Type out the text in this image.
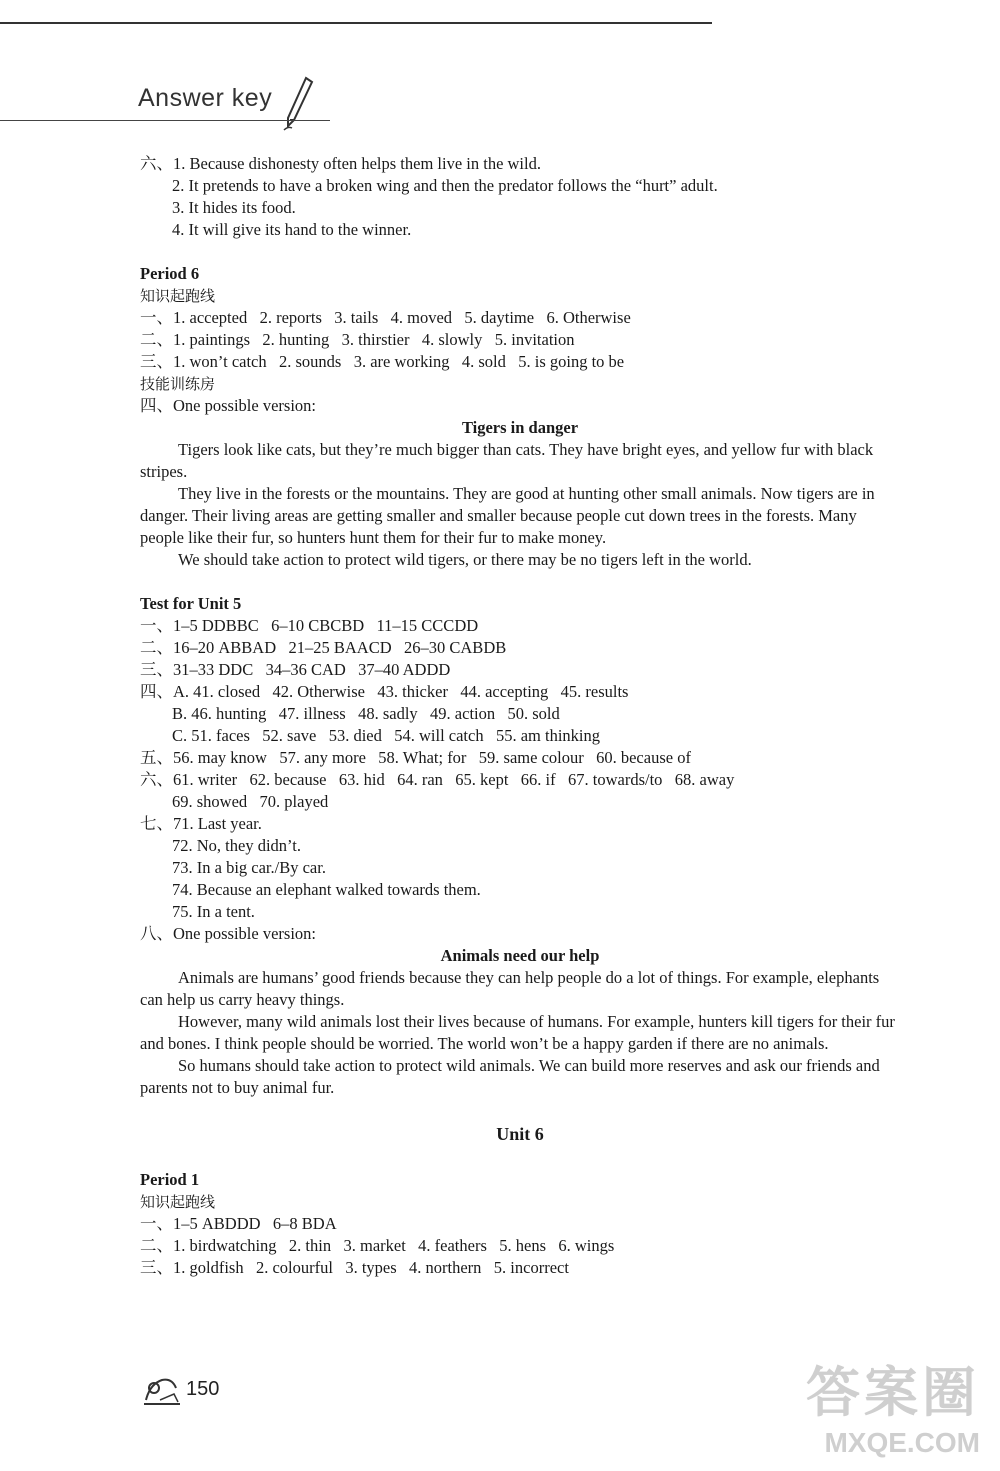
Answer key
六、1. Because dishonesty often helps them live in the wild.
2. It pretends to have a broken wing and then the predator follows the “hurt” adult.
3. It hides its food.
4. It will give its hand to the winner.
Period 6
知识起跑线
一、1. accepted   2. reports   3. tails   4. moved   5. daytime   6. Otherwise
二、1. paintings   2. hunting   3. thirstier   4. slowly   5. invitation
三、1. won’t catch   2. sounds   3. are working   4. sold   5. is going to be
技能训练房
四、One possible version:
Tigers in danger
Tigers look like cats, but they’re much bigger than cats. They have bright eyes, and yellow fur with black stripes.
They live in the forests or the mountains. They are good at hunting other small animals. Now tigers are in danger. Their living areas are getting smaller and smaller because people cut down trees in the forests. Many people like their fur, so hunters hunt them for their fur to make money.
We should take action to protect wild tigers, or there may be no tigers left in the world.
Test for Unit 5
一、1–5 DDBBC   6–10 CBCBD   11–15 CCCDD
二、16–20 ABBAD   21–25 BAACD   26–30 CABDB
三、31–33 DDC   34–36 CAD   37–40 ADDD
四、A. 41. closed   42. Otherwise   43. thicker   44. accepting   45. results
B. 46. hunting   47. illness   48. sadly   49. action   50. sold
C. 51. faces   52. save   53. died   54. will catch   55. am thinking
五、56. may know   57. any more   58. What; for   59. same colour   60. because of
六、61. writer   62. because   63. hid   64. ran   65. kept   66. if   67. towards/to   68. away
69. showed   70. played
七、71. Last year.
72. No, they didn’t.
73. In a big car./By car.
74. Because an elephant walked towards them.
75. In a tent.
八、One possible version:
Animals need our help
Animals are humans’ good friends because they can help people do a lot of things. For example, elephants can help us carry heavy things.
However, many wild animals lost their lives because of humans. For example, hunters kill tigers for their fur and bones. I think people should be worried. The world won’t be a happy garden if there are no animals.
So humans should take action to protect wild animals. We can build more reserves and ask our friends and parents not to buy animal fur.
Unit 6
Period 1
知识起跑线
一、1–5 ABDDD   6–8 BDA
二、1. birdwatching   2. thin   3. market   4. feathers   5. hens   6. wings
三、1. goldfish   2. colourful   3. types   4. northern   5. incorrect
150	答案圈
MXQE.COM
